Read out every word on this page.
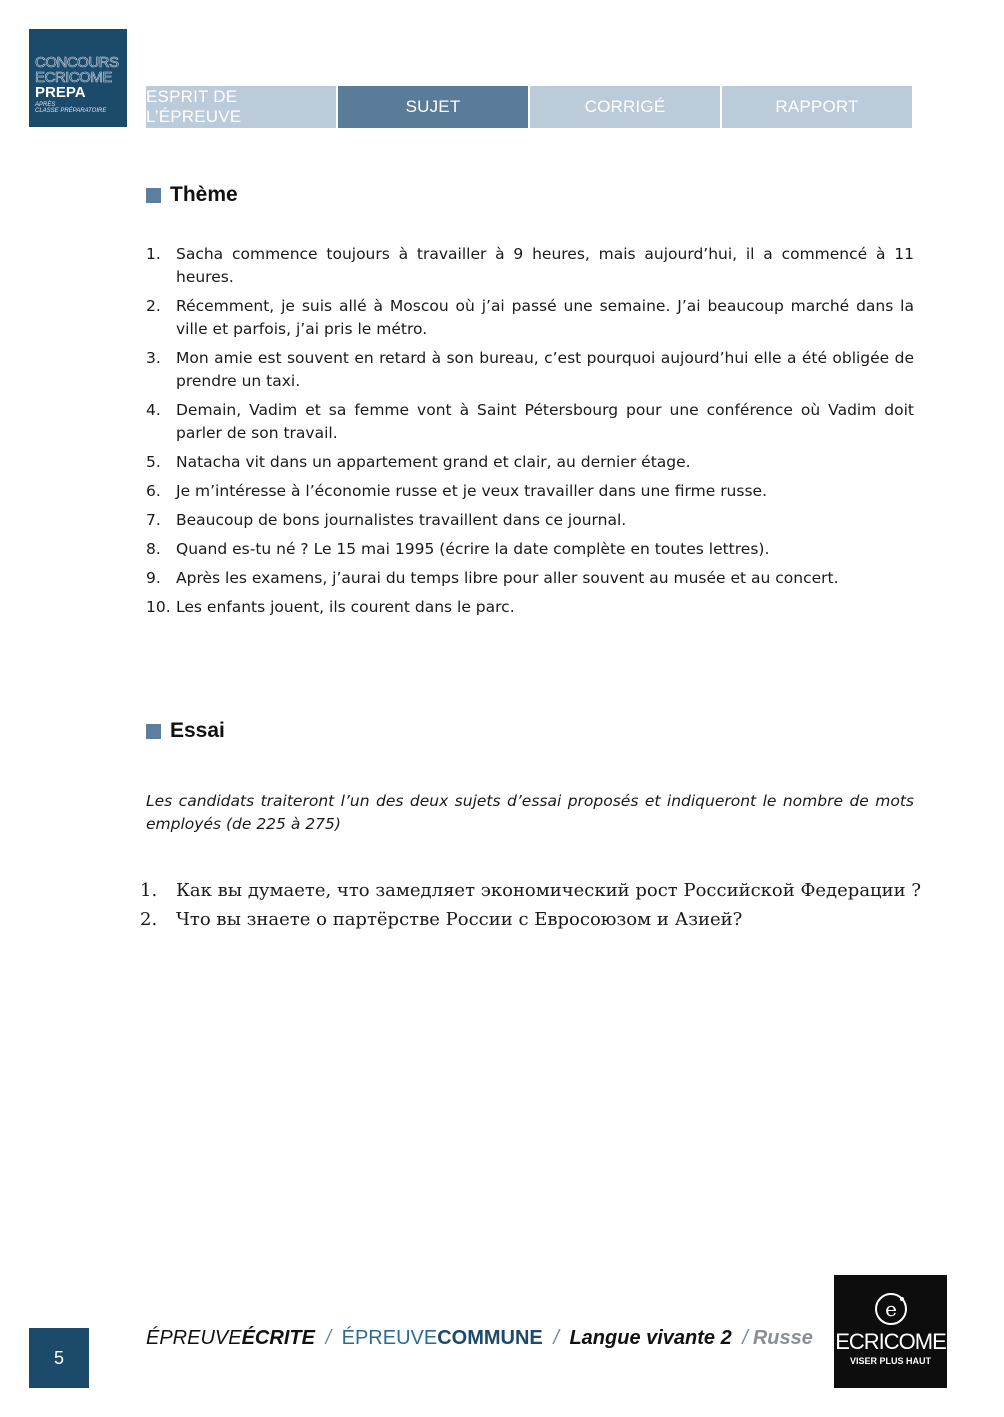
CONCOURS
ECRICOME
PREPA
APRÈS
CLASSE PRÉPARATOIRE
ESPRIT DE L’ÉPREUVE
SUJET	CORRIGÉ	RAPPORT
Thème
1. Sacha commence toujours à travailler à 9 heures, mais aujourd’hui, il a commencé à 11 heures.
2. Récemment, je suis allé à Moscou où j’ai passé une semaine. J’ai beaucoup marché dans la ville et parfois, j’ai pris le métro.
3. Mon amie est souvent en retard à son bureau, c’est pourquoi aujourd’hui elle a été obligée de prendre un taxi.
4. Demain, Vadim et sa femme vont à Saint Pétersbourg pour une conférence où Vadim doit parler de son travail.
5. Natacha vit dans un appartement grand et clair, au dernier étage.
6. Je m’intéresse à l’économie russe et je veux travailler dans une firme russe.
7. Beaucoup de bons journalistes travaillent dans ce journal.
8. Quand es-tu né ? Le 15 mai 1995 (écrire la date complète en toutes lettres).
9. Après les examens, j’aurai du temps libre pour aller souvent au musée et au concert.
10. Les enfants jouent, ils courent dans le parc.
Essai
Les candidats traiteront l’un des deux sujets d’essai proposés et indiqueront le nombre de mots employés (de 225 à 275)
1.	Как вы думаете, что замедляет экономический рост Российской Федерации ?
2.	Что вы знаете о партёрстве России с Евросоюзом и Азией?
5
ÉPREUVEÉCRITE / ÉPREUVECOMMUNE / Langue vivante 2 / Russe
e
ECRICOME
VISER PLUS HAUT
